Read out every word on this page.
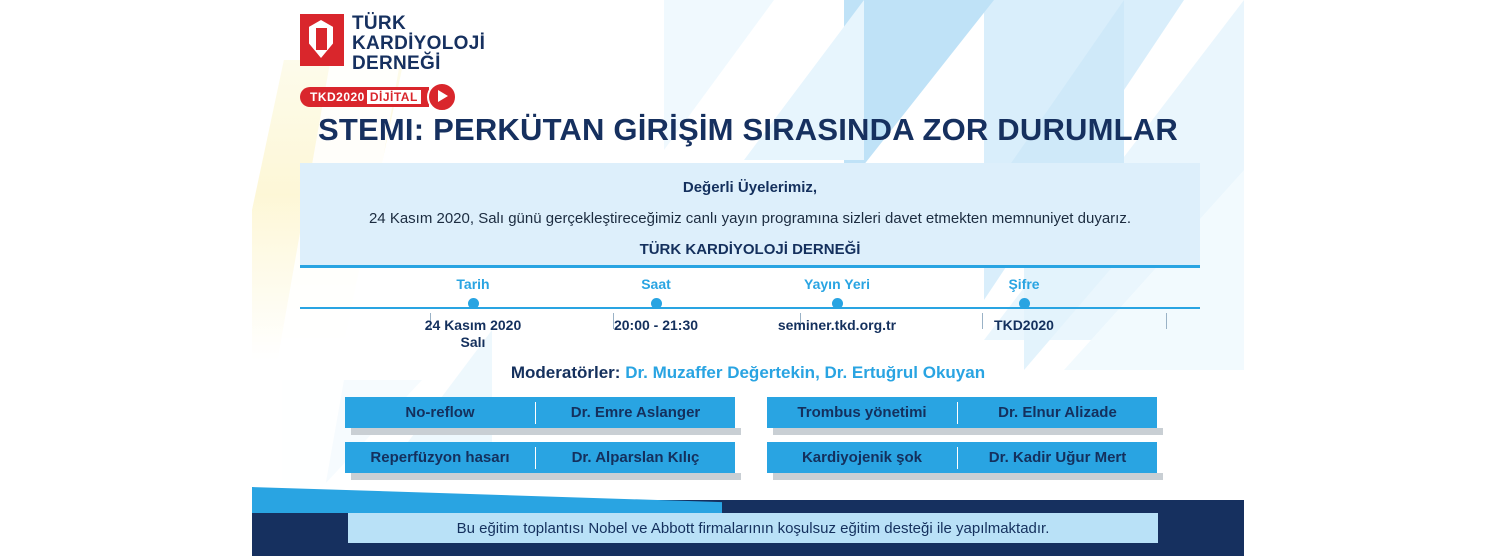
TÜRK
KARDİYOLOJİ
DERNEĞİ
TKD2020 DİJİTAL
STEMI: PERKÜTAN GİRİŞİM SIRASINDA ZOR DURUMLAR
Değerli Üyelerimiz,
24 Kasım 2020, Salı günü gerçekleştireceğimiz canlı yayın programına sizleri davet etmekten memnuniyet duyarız.
TÜRK KARDİYOLOJİ DERNEĞİ
Tarih
24 Kasım 2020
Salı
Saat
20:00 - 21:30
Yayın Yeri
seminer.tkd.org.tr
Şifre
TKD2020
Moderatörler: Dr. Muzaffer Değertekin, Dr. Ertuğrul Okuyan
No-reflow	Dr. Emre Aslanger	Trombus yönetimi	Dr. Elnur Alizade
Reperfüzyon hasarı	Dr. Alparslan Kılıç	Kardiyojenik şok	Dr. Kadir Uğur Mert
Bu eğitim toplantısı Nobel ve Abbott firmalarının koşulsuz eğitim desteği ile yapılmaktadır.
